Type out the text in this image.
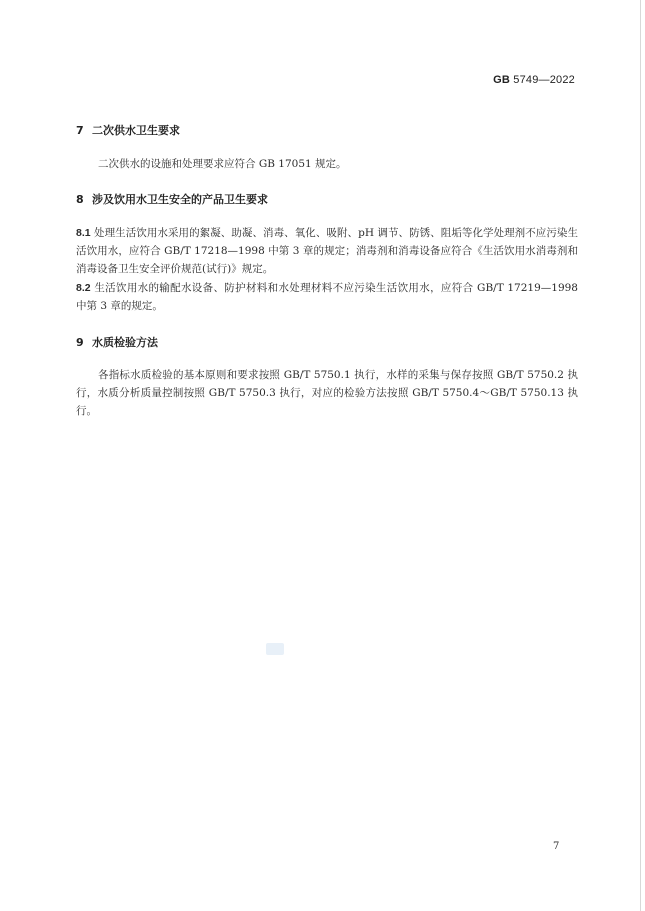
GB 5749—2022
7 二次供水卫生要求
二次供水的设施和处理要求应符合 GB 17051 规定。
8 涉及饮用水卫生安全的产品卫生要求
8.1 处理生活饮用水采用的絮凝、助凝、消毒、氧化、吸附、pH 调节、防锈、阻垢等化学处理剂不应污染生活饮用水，应符合 GB/T 17218—1998 中第 3 章的规定；消毒剂和消毒设备应符合《生活饮用水消毒剂和消毒设备卫生安全评价规范(试行)》规定。
8.2 生活饮用水的输配水设备、防护材料和水处理材料不应污染生活饮用水，应符合 GB/T 17219—1998 中第 3 章的规定。
9 水质检验方法
各指标水质检验的基本原则和要求按照 GB/T 5750.1 执行，水样的采集与保存按照 GB/T 5750.2 执行，水质分析质量控制按照 GB/T 5750.3 执行，对应的检验方法按照 GB/T 5750.4～GB/T 5750.13 执行。
7
